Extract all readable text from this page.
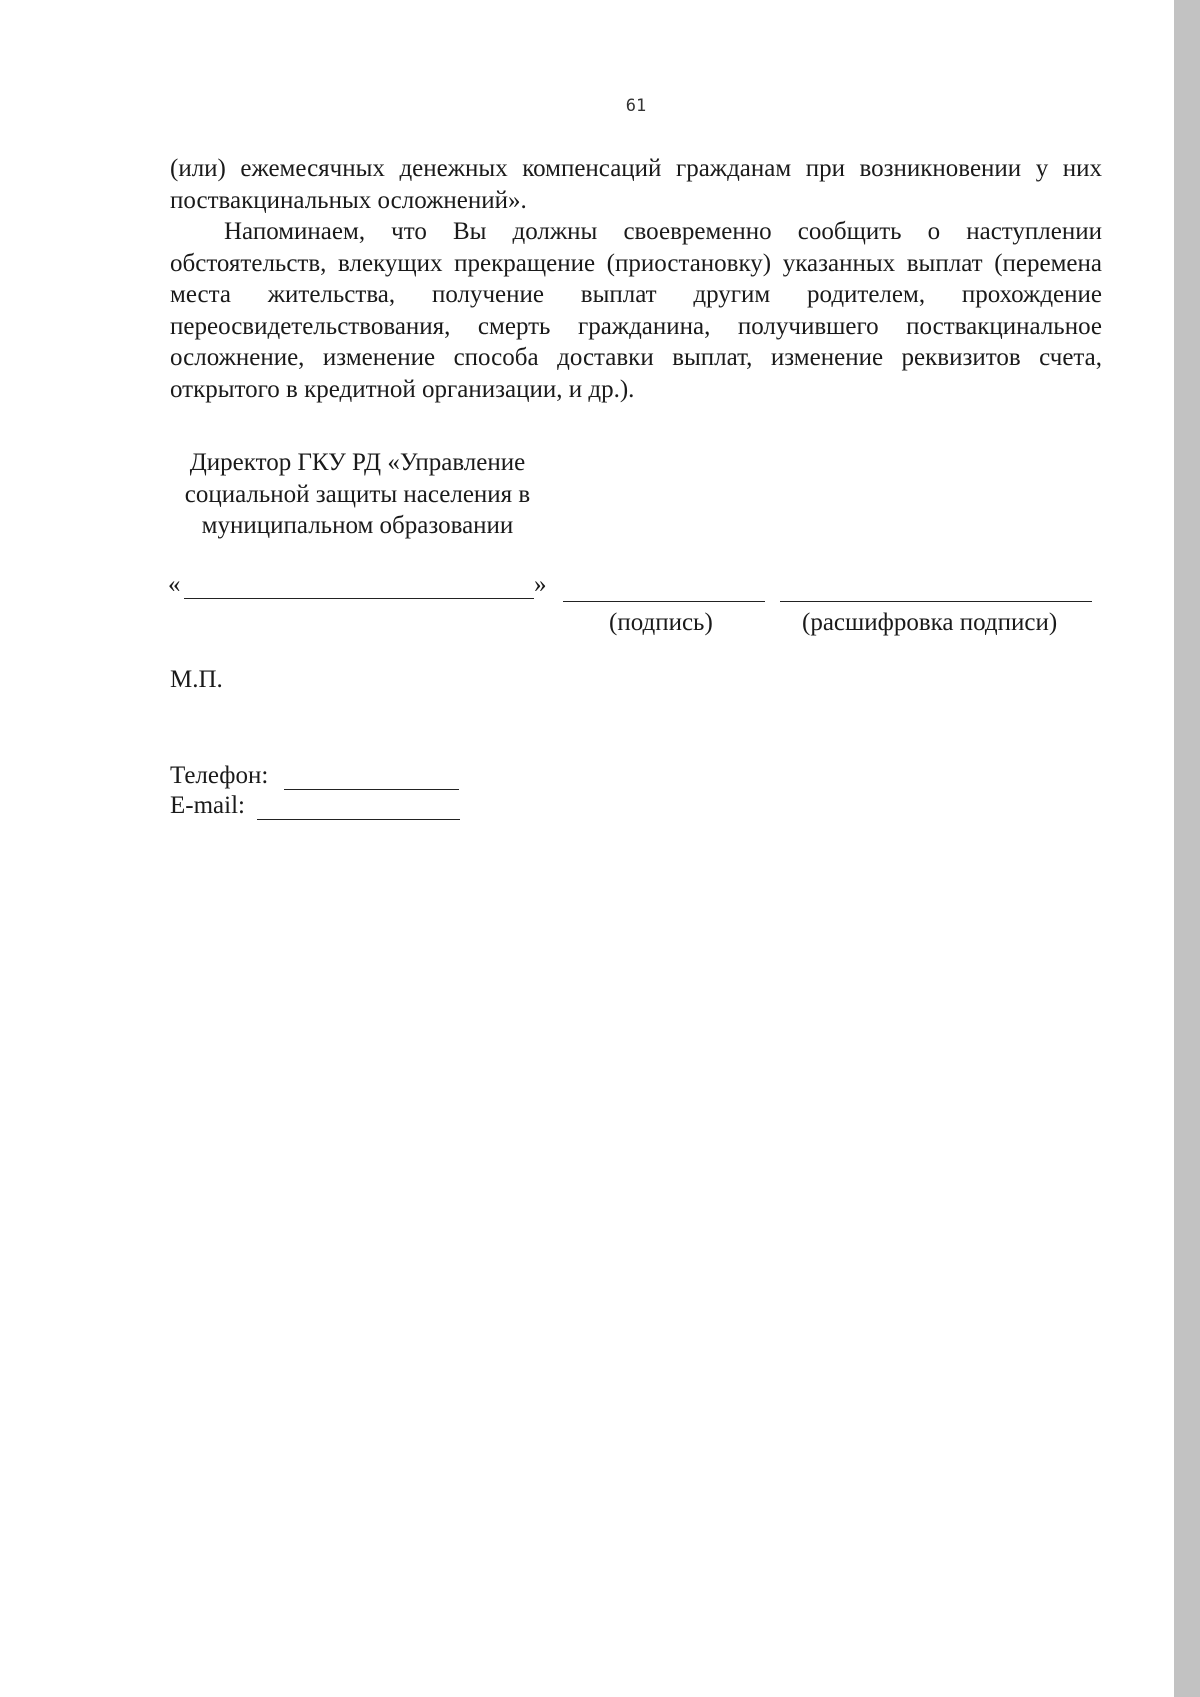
61
(или) ежемесячных денежных компенсаций гражданам при возникновении у них поствакцинальных осложнений».
Напоминаем, что Вы должны своевременно сообщить о наступлении обстоятельств, влекущих прекращение (приостановку) указанных выплат (перемена места жительства, получение выплат другим родителем, прохождение переосвидетельствования, смерть гражданина, получившего поствакцинальное осложнение, изменение способа доставки выплат, изменение реквизитов счета, открытого в кредитной организации, и др.).
Директор ГКУ РД «Управление
социальной защиты населения в
муниципальном образовании
«	»
(подпись)	(расшифровка подписи)
М.П.
Телефон:
E-mail:
